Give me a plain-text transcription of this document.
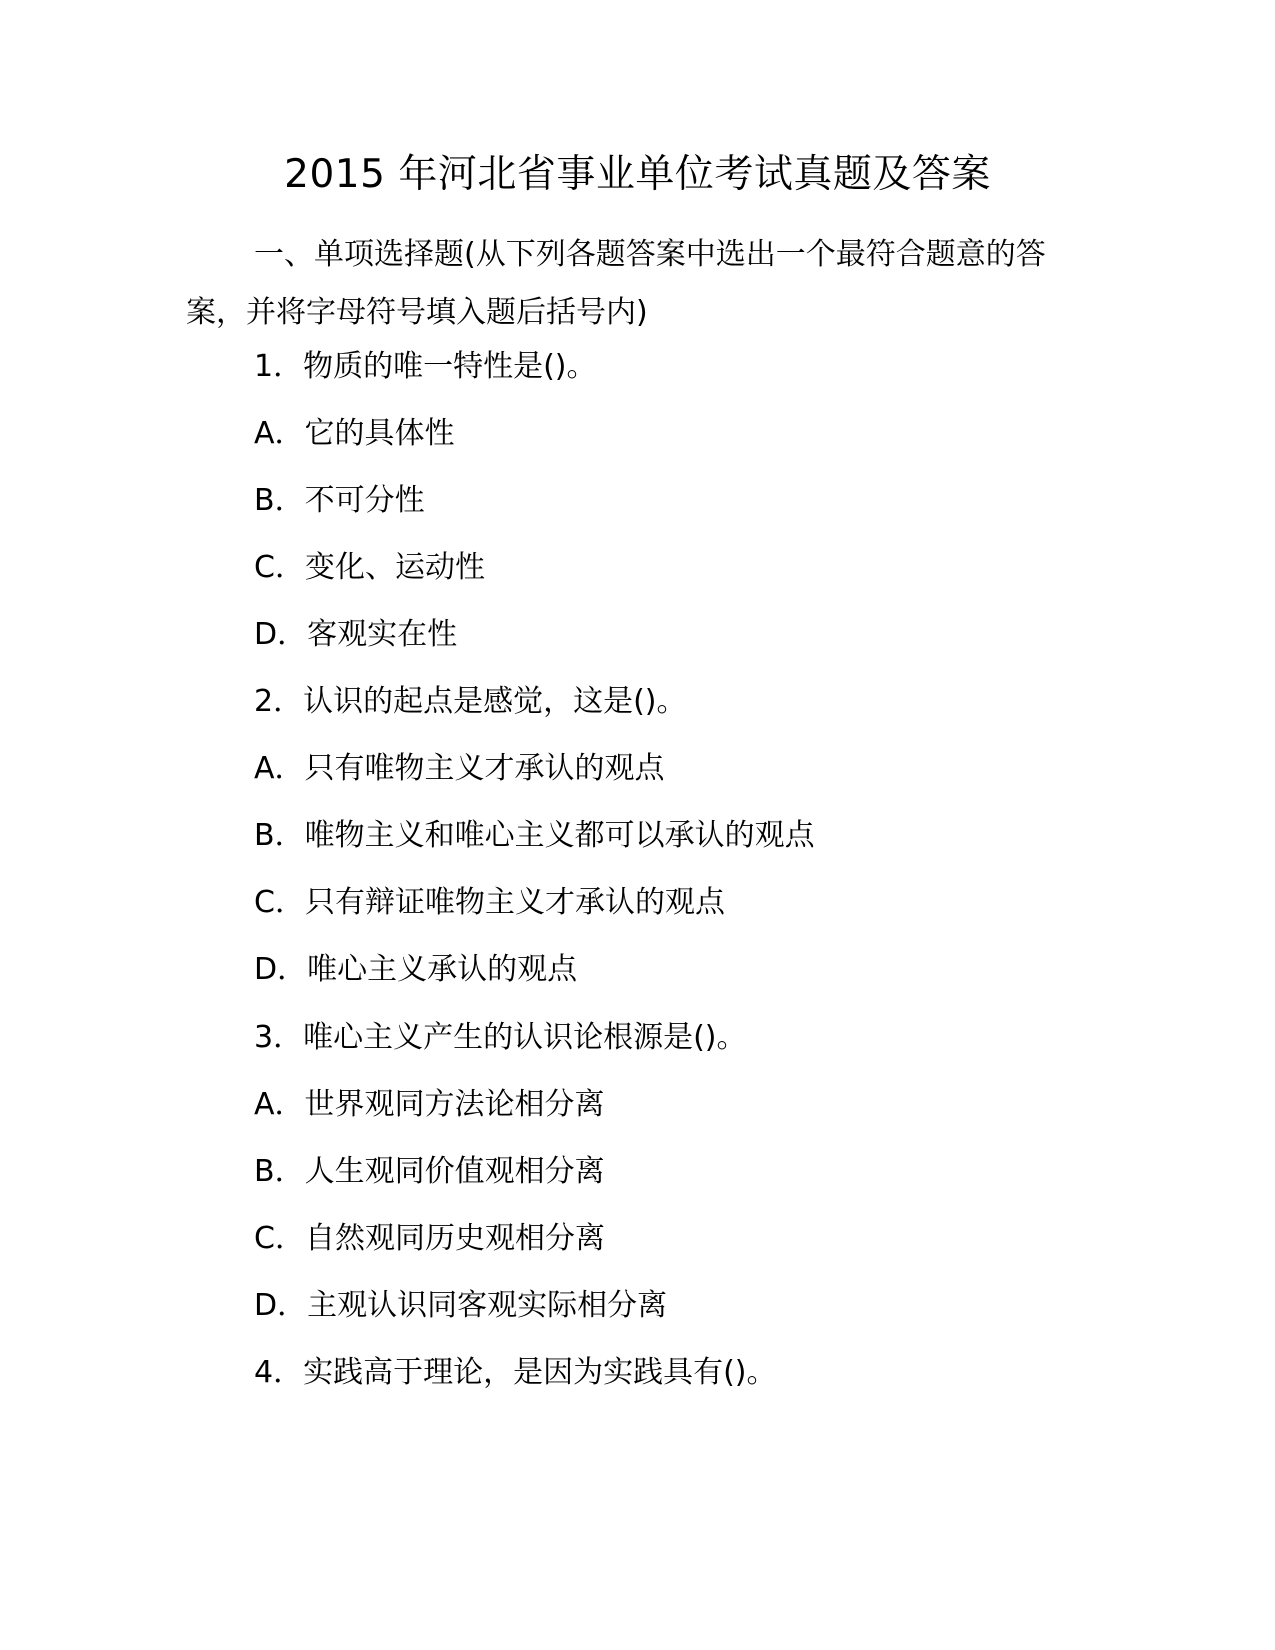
2015 年河北省事业单位考试真题及答案

一、单项选择题(从下列各题答案中选出一个最符合题意的答案，并将字母符号填入题后括号内)

1．物质的唯一特性是()。

A．它的具体性

B．不可分性

C．变化、运动性

D．客观实在性

2．认识的起点是感觉，这是()。

A．只有唯物主义才承认的观点

B．唯物主义和唯心主义都可以承认的观点

C．只有辩证唯物主义才承认的观点

D．唯心主义承认的观点

3．唯心主义产生的认识论根源是()。

A．世界观同方法论相分离

B．人生观同价值观相分离

C．自然观同历史观相分离

D．主观认识同客观实际相分离

4．实践高于理论，是因为实践具有()。
